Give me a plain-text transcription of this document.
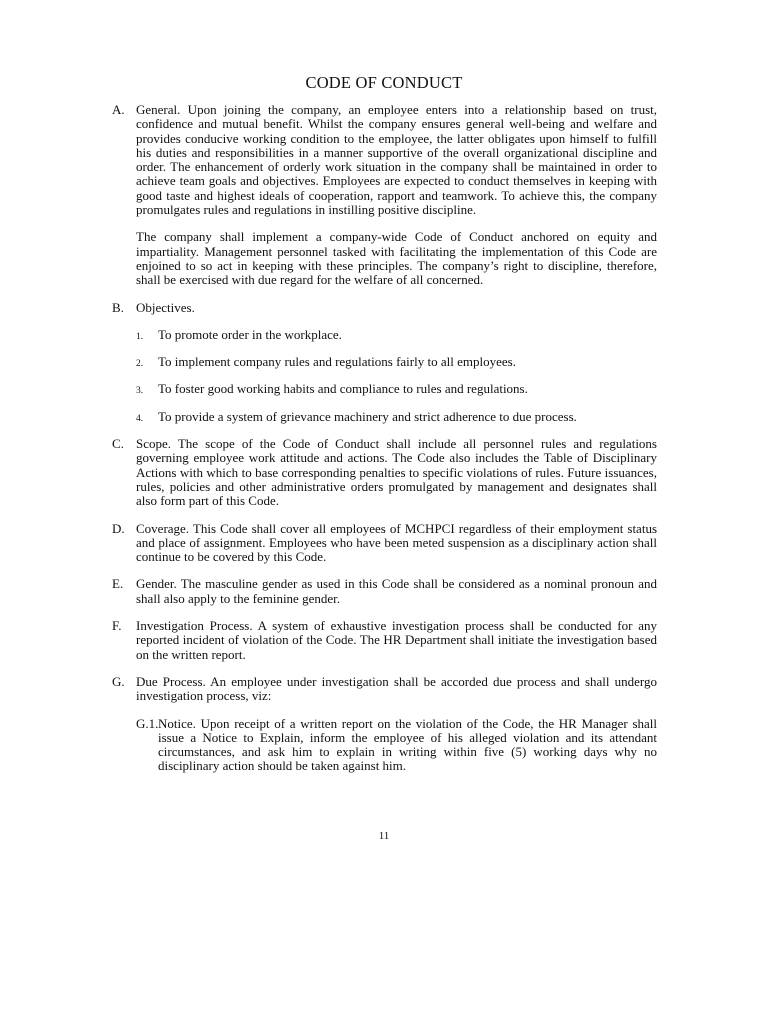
CODE OF CONDUCT
A. General. Upon joining the company, an employee enters into a relationship based on trust, confidence and mutual benefit. Whilst the company ensures general well-being and welfare and provides conducive working condition to the employee, the latter obligates upon himself to fulfill his duties and responsibilities in a manner supportive of the overall organizational discipline and order. The enhancement of orderly work situation in the company shall be maintained in order to achieve team goals and objectives. Employees are expected to conduct themselves in keeping with good taste and highest ideals of cooperation, rapport and teamwork. To achieve this, the company promulgates rules and regulations in instilling positive discipline.

The company shall implement a company-wide Code of Conduct anchored on equity and impartiality. Management personnel tasked with facilitating the implementation of this Code are enjoined to so act in keeping with these principles. The company’s right to discipline, therefore, shall be exercised with due regard for the welfare of all concerned.

B. Objectives.

1. To promote order in the workplace.
2. To implement company rules and regulations fairly to all employees.
3. To foster good working habits and compliance to rules and regulations.
4. To provide a system of grievance machinery and strict adherence to due process.
C. Scope. The scope of the Code of Conduct shall include all personnel rules and regulations governing employee work attitude and actions. The Code also includes the Table of Disciplinary Actions with which to base corresponding penalties to specific violations of rules. Future issuances, rules, policies and other administrative orders promulgated by management and designates shall also form part of this Code.

D. Coverage. This Code shall cover all employees of MCHPCI regardless of their employment status and place of assignment. Employees who have been meted suspension as a disciplinary action shall continue to be covered by this Code.

E. Gender. The masculine gender as used in this Code shall be considered as a nominal pronoun and shall also apply to the feminine gender.

F. Investigation Process. A system of exhaustive investigation process shall be conducted for any reported incident of violation of the Code. The HR Department shall initiate the investigation based on the written report.

G. Due Process. An employee under investigation shall be accorded due process and shall undergo investigation process, viz:

G.1. Notice. Upon receipt of a written report on the violation of the Code, the HR Manager shall issue a Notice to Explain, inform the employee of his alleged violation and its attendant circumstances, and ask him to explain in writing within five (5) working days why no disciplinary action should be taken against him.

11
